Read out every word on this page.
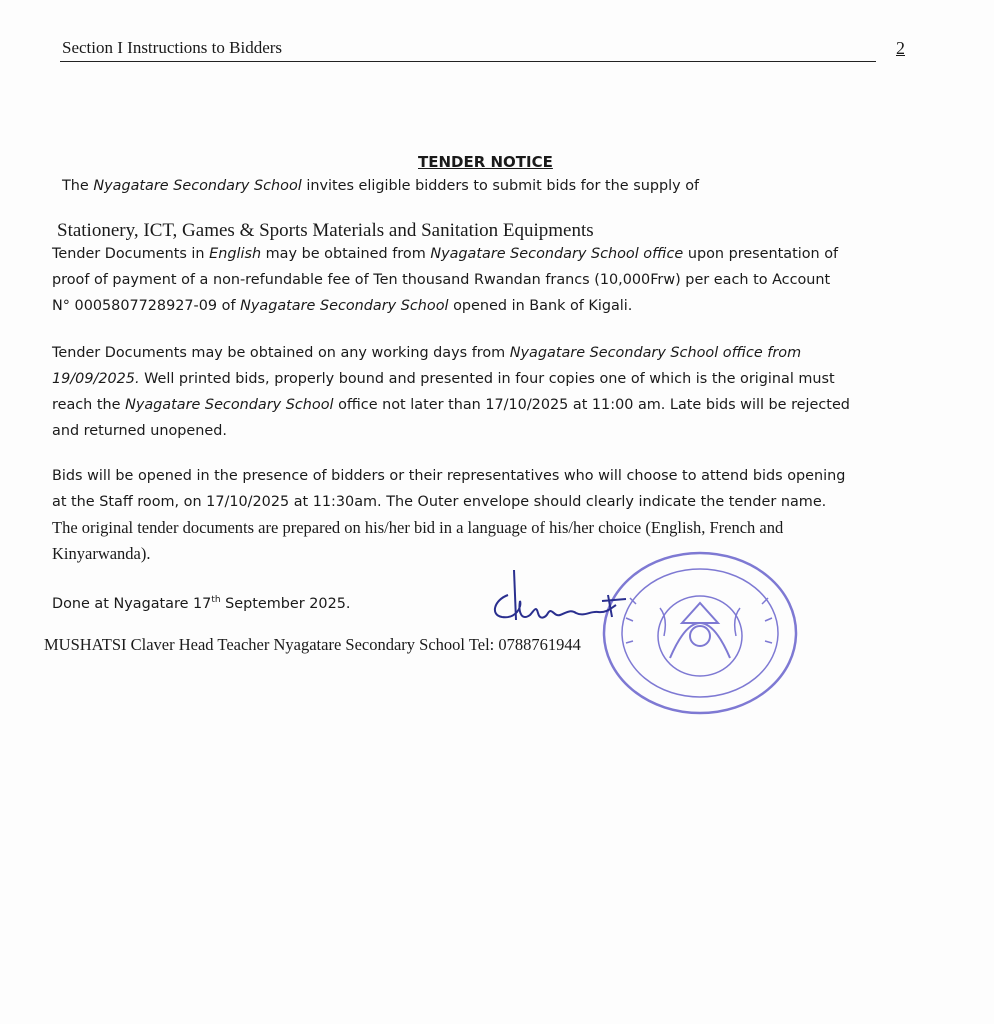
Section I Instructions to Bidders	2
TENDER NOTICE
The Nyagatare Secondary School invites eligible bidders to submit bids for the supply of
Stationery, ICT, Games & Sports Materials and Sanitation Equipments
Tender Documents in English may be obtained from Nyagatare Secondary School office upon presentation of
proof of payment of a non-refundable fee of Ten thousand Rwandan francs (10,000Frw) per each to Account
N° 0005807728927-09 of Nyagatare Secondary School opened in Bank of Kigali.
Tender Documents may be obtained on any working days from Nyagatare Secondary School office from
19/09/2025. Well printed bids, properly bound and presented in four copies one of which is the original must
reach the Nyagatare Secondary School office not later than 17/10/2025 at 11:00 am. Late bids will be rejected
and returned unopened.
Bids will be opened in the presence of bidders or their representatives who will choose to attend bids opening
at the Staff room, on 17/10/2025 at 11:30am. The Outer envelope should clearly indicate the tender name.
The original tender documents are prepared on his/her bid in a language of his/her choice (English, French and
Kinyarwanda).
Done at Nyagatare 17th September 2025.
MUSHATSI Claver Head Teacher Nyagatare Secondary School Tel: 0788761944
